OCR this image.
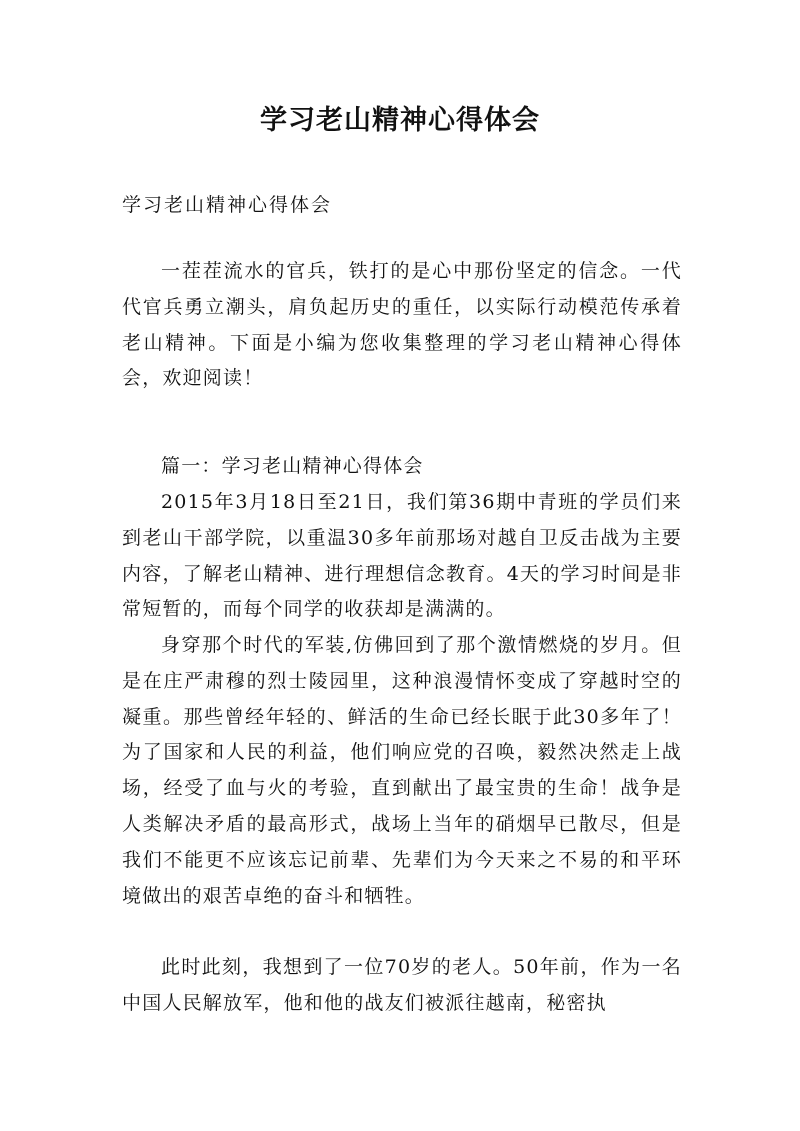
学习老山精神心得体会

学习老山精神心得体会

一茬茬流水的官兵，铁打的是心中那份坚定的信念。一代代官兵勇立潮头，肩负起历史的重任，以实际行动模范传承着老山精神。下面是小编为您收集整理的学习老山精神心得体会，欢迎阅读！

篇一：学习老山精神心得体会

2015年3月18日至21日，我们第36期中青班的学员们来到老山干部学院，以重温30多年前那场对越自卫反击战为主要内容，了解老山精神、进行理想信念教育。4天的学习时间是非常短暂的，而每个同学的收获却是满满的。

身穿那个时代的军装,仿佛回到了那个激情燃烧的岁月。但是在庄严肃穆的烈士陵园里，这种浪漫情怀变成了穿越时空的凝重。那些曾经年轻的、鲜活的生命已经长眠于此30多年了！为了国家和人民的利益，他们响应党的召唤，毅然决然走上战场，经受了血与火的考验，直到献出了最宝贵的生命！战争是人类解决矛盾的最高形式，战场上当年的硝烟早已散尽，但是我们不能更不应该忘记前辈、先辈们为今天来之不易的和平环境做出的艰苦卓绝的奋斗和牺牲。

此时此刻，我想到了一位70岁的老人。50年前，作为一名中国人民解放军，他和他的战友们被派往越南，秘密执
